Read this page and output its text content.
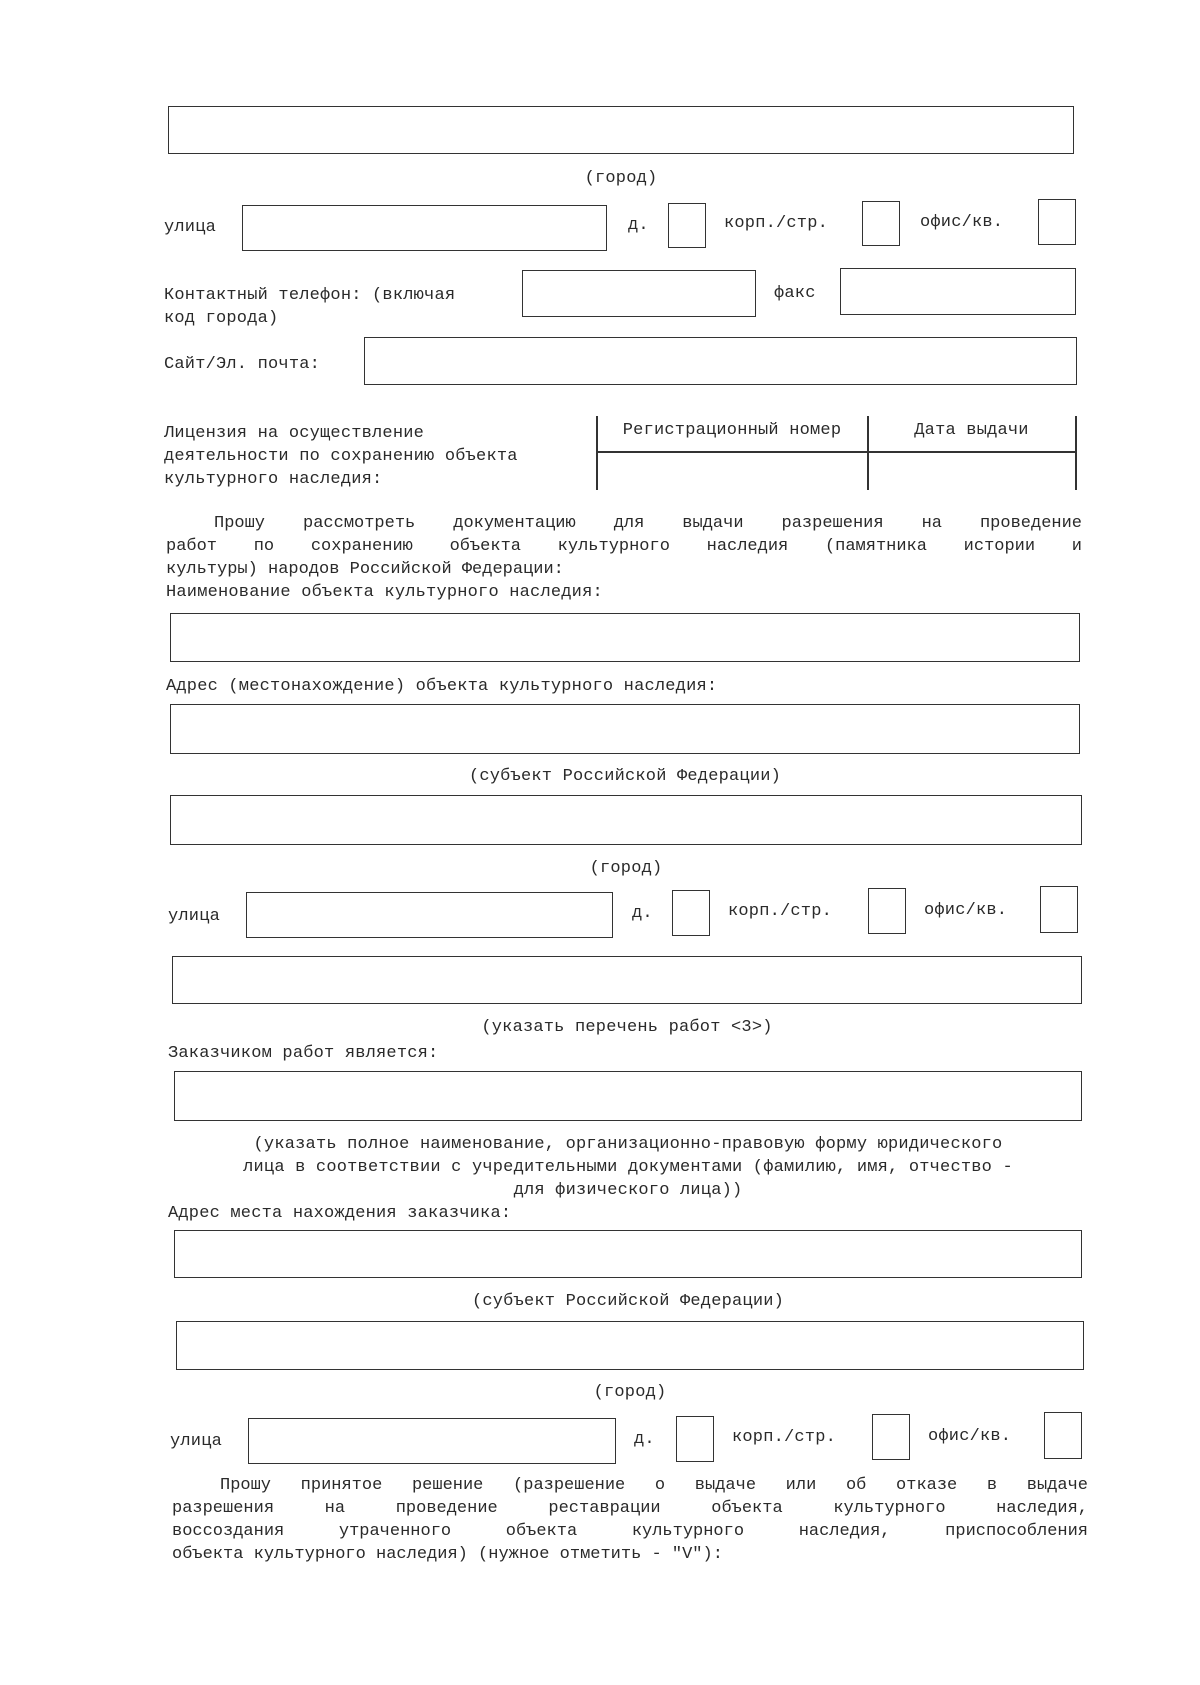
(город)
улица	д.	корп./стр.	офис/кв.
Контактный телефон: (включая
код города)
факс
Сайт/Эл. почта:
Лицензия на осуществление
деятельности по сохранению объекта
культурного наследия:
Регистрационный номер	Дата выдачи
Прошу рассмотреть документацию для выдачи разрешения на проведение
работ по сохранению объекта культурного наследия (памятника истории и
культуры) народов Российской Федерации:
Наименование объекта культурного наследия:
Адрес (местонахождение) объекта культурного наследия:
(субъект Российской Федерации)
(город)
улица	д.	корп./стр.	офис/кв.
(указать перечень работ <3>)
Заказчиком работ является:
(указать полное наименование, организационно-правовую форму юридического
лица в соответствии с учредительными документами (фамилию, имя, отчество -
для физического лица))
Адрес места нахождения заказчика:
(субъект Российской Федерации)
(город)
улица	д.	корп./стр.	офис/кв.
Прошу принятое решение (разрешение о выдаче или об отказе в выдаче
разрешения на проведение реставрации объекта культурного наследия,
воссоздания утраченного объекта культурного наследия, приспособления
объекта культурного наследия) (нужное отметить - "V"):
